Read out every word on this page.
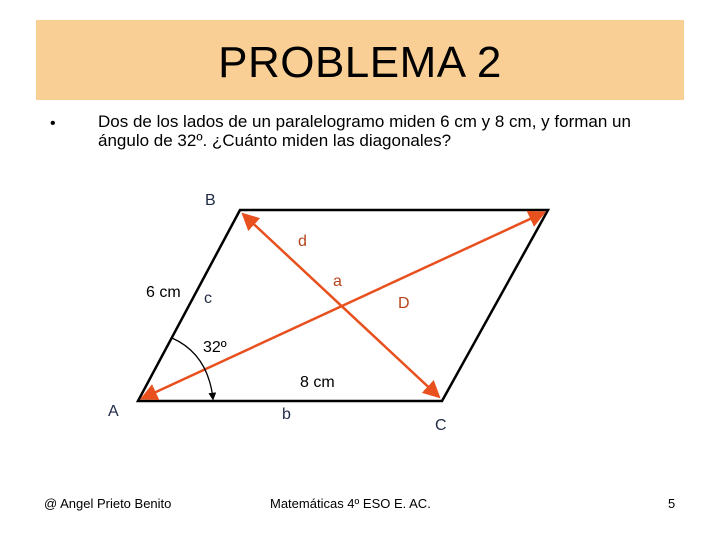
PROBLEMA 2
• Dos de los lados de un paralelogramo miden 6 cm y 8 cm, y forman un ángulo de 32º. ¿Cuánto miden las diagonales?
B
A
C
D
d
a
c
b
6 cm
8 cm
32º
@ Angel Prieto Benito	Matemáticas 4º ESO E. AC.	5
